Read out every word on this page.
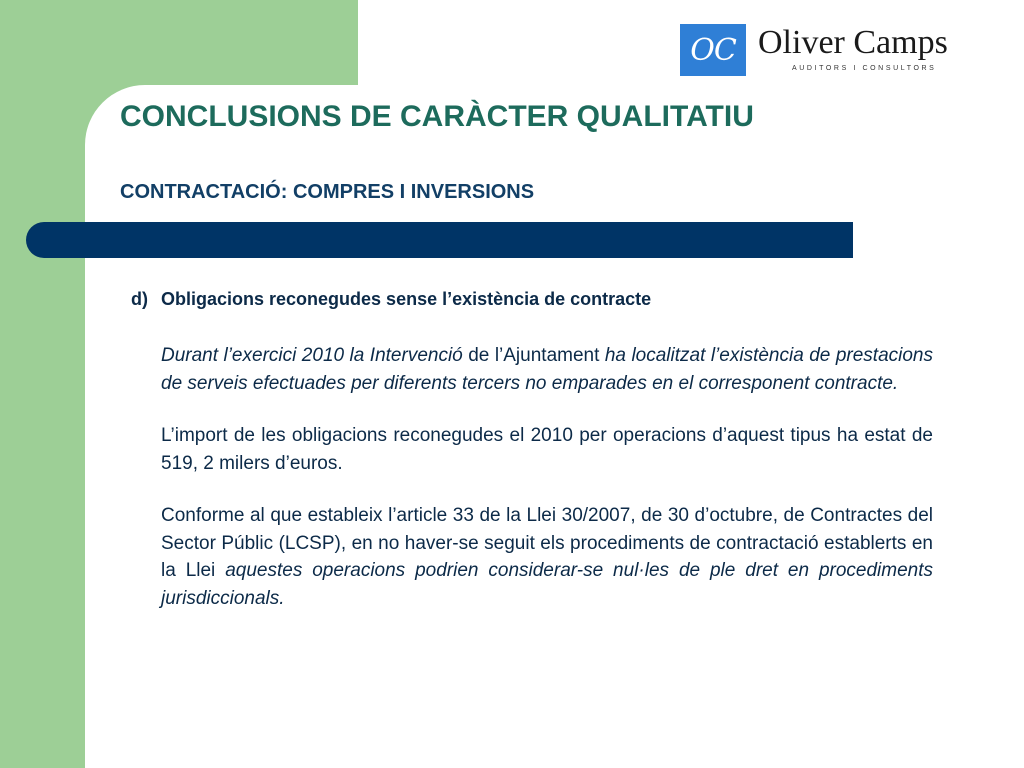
OC Oliver Camps
AUDITORS I CONSULTORS
CONCLUSIONS DE CARÀCTER QUALITATIU
CONTRACTACIÓ: COMPRES I INVERSIONS
d) Obligacions reconegudes sense l’existència de contracte

Durant l’exercici 2010 la Intervenció de l’Ajuntament ha localitzat l’existència de prestacions de serveis efectuades per diferents tercers no emparades en el corresponent contracte.

L’import de les obligacions reconegudes el 2010 per operacions d’aquest tipus ha estat de 519, 2 milers d’euros.

Conforme al que estableix l’article 33 de la Llei 30/2007, de 30 d’octubre, de Contractes del Sector Públic (LCSP), en no haver-se seguit els procediments de contractació establerts en la Llei aquestes operacions podrien considerar-se nul·les de ple dret en procediments jurisdiccionals.
